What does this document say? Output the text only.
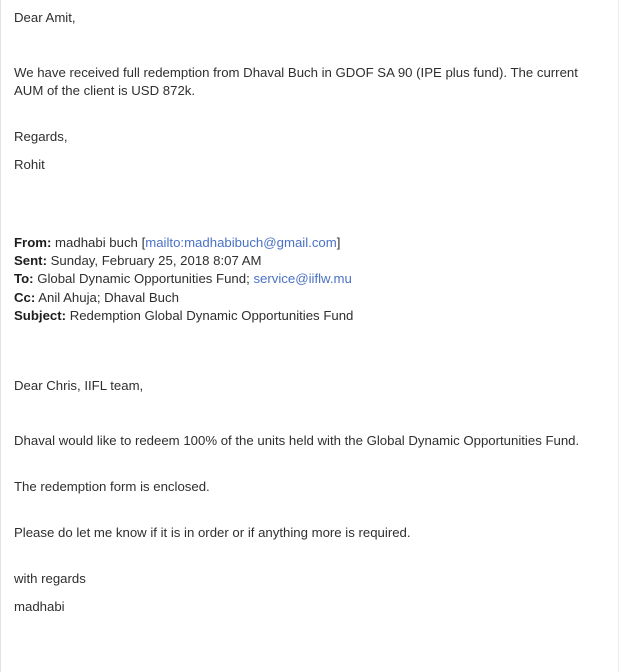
Dear Amit,

We have received full redemption from Dhaval Buch in GDOF SA 90 (IPE plus fund). The current AUM of the client is USD 872k.

Regards,

Rohit

From: madhabi buch [mailto:madhabibuch@gmail.com]

Sent: Sunday, February 25, 2018 8:07 AM

To: Global Dynamic Opportunities Fund; service@iiflw.mu

Cc: Anil Ahuja; Dhaval Buch

Subject: Redemption Global Dynamic Opportunities Fund

Dear Chris, IIFL team,

Dhaval would like to redeem 100% of the units held with the Global Dynamic Opportunities Fund.

The redemption form is enclosed.

Please do let me know if it is in order or if anything more is required.

with regards

madhabi
